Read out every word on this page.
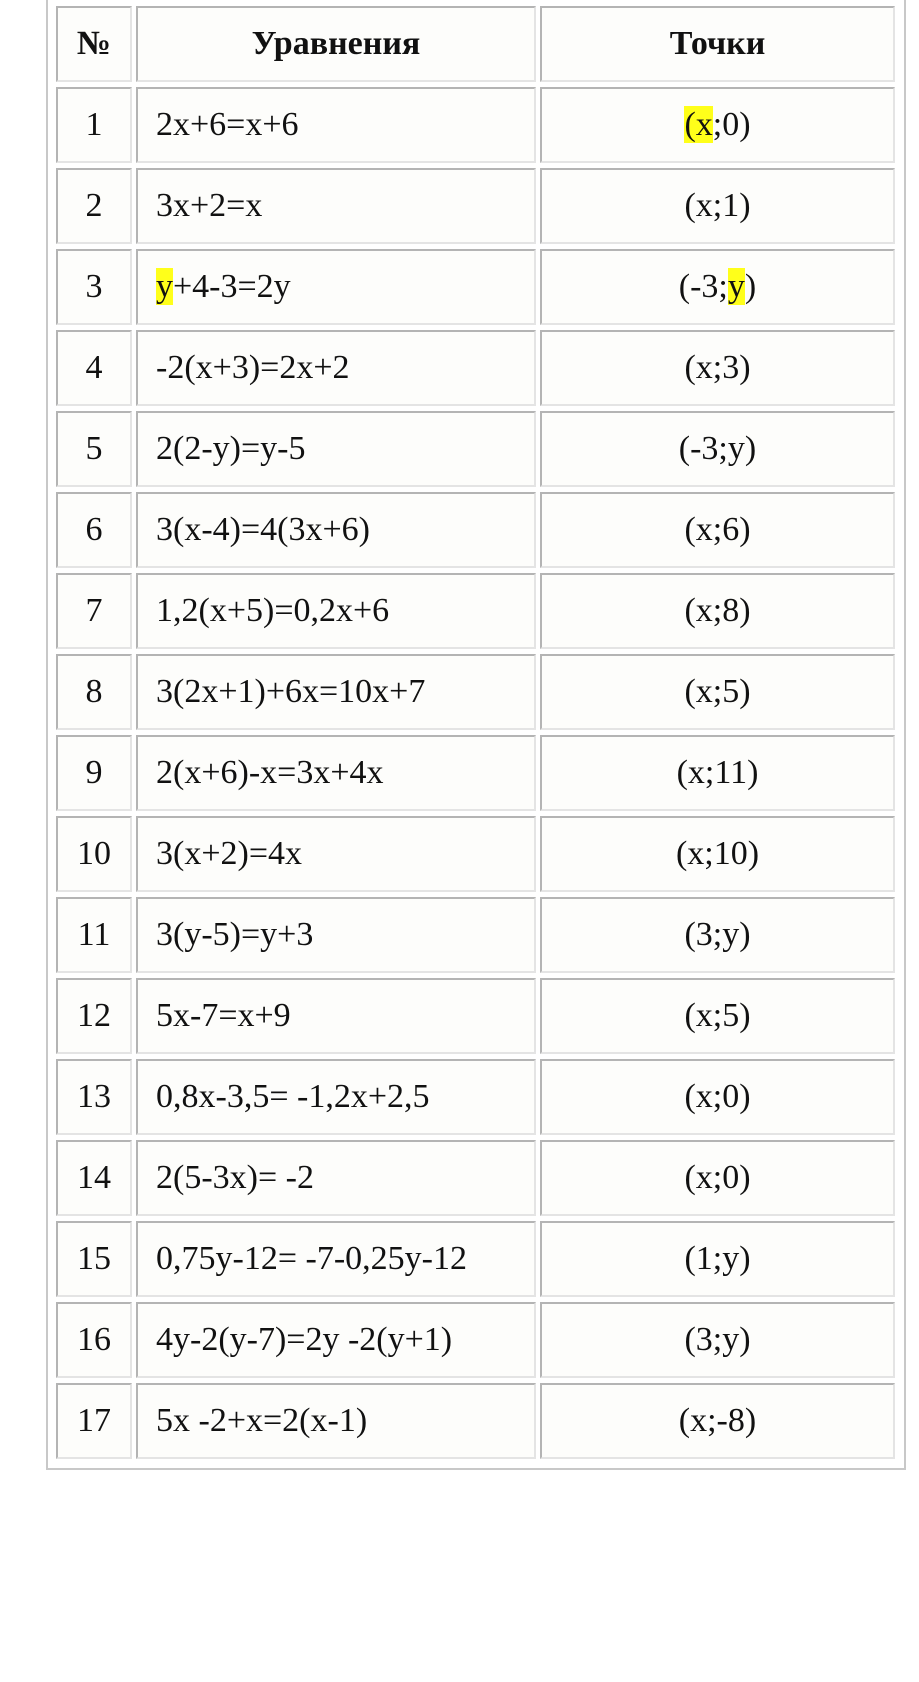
№	Уравнения	Точки
1	2x+6=x+6	(x;0)
2	3x+2=x	(x;1)
3	y+4-3=2y	(-3;y)
4	-2(x+3)=2x+2	(x;3)
5	2(2-y)=y-5	(-3;y)
6	3(x-4)=4(3x+6)	(x;6)
7	1,2(x+5)=0,2x+6	(x;8)
8	3(2x+1)+6x=10x+7	(x;5)
9	2(x+6)-x=3x+4x	(x;11)
10	3(x+2)=4x	(x;10)
11	3(y-5)=y+3	(3;y)
12	5x-7=x+9	(x;5)
13	0,8x-3,5= -1,2x+2,5	(x;0)
14	2(5-3x)= -2	(x;0)
15	0,75y-12= -7-0,25y-12	(1;y)
16	4y-2(y-7)=2y -2(y+1)	(3;y)
17	5x -2+x=2(x-1)	(x;-8)
